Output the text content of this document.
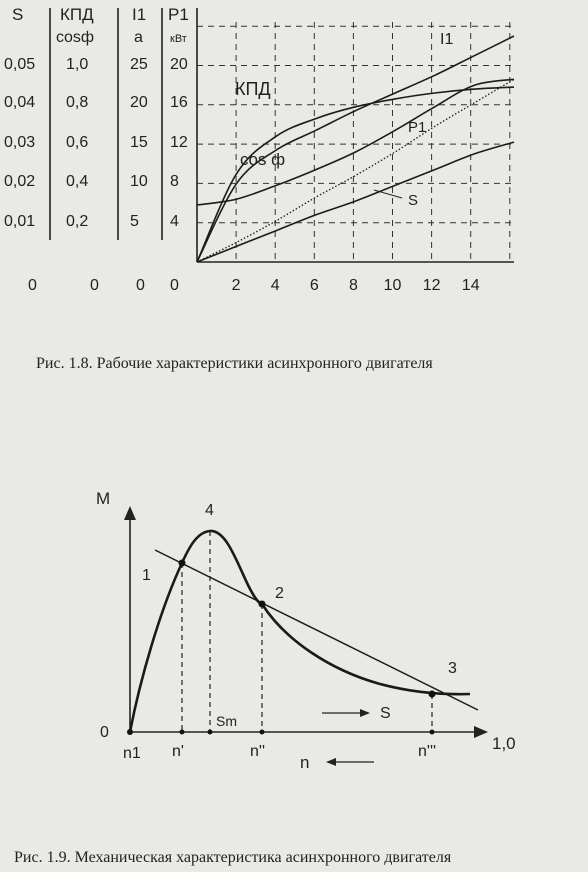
S КПД
cosф
I1
a
P1
кВт
0,05
0,04
0,03
0,02
0,01
0
1,0
0,8
0,6
0,4
0,2
0
25
20
15
10
5
0
20
16
12
8
4
0	2 4 6 8 10 12 14
КПД
cos ф
I1
P1
S
Рис. 1.8. Рабочие характеристики асинхронного двигателя
M
1,0
0
1
4
2
3
n1 n'
Sm
n''	n'''
S
n
Рис. 1.9. Механическая характеристика асинхронного двигателя
